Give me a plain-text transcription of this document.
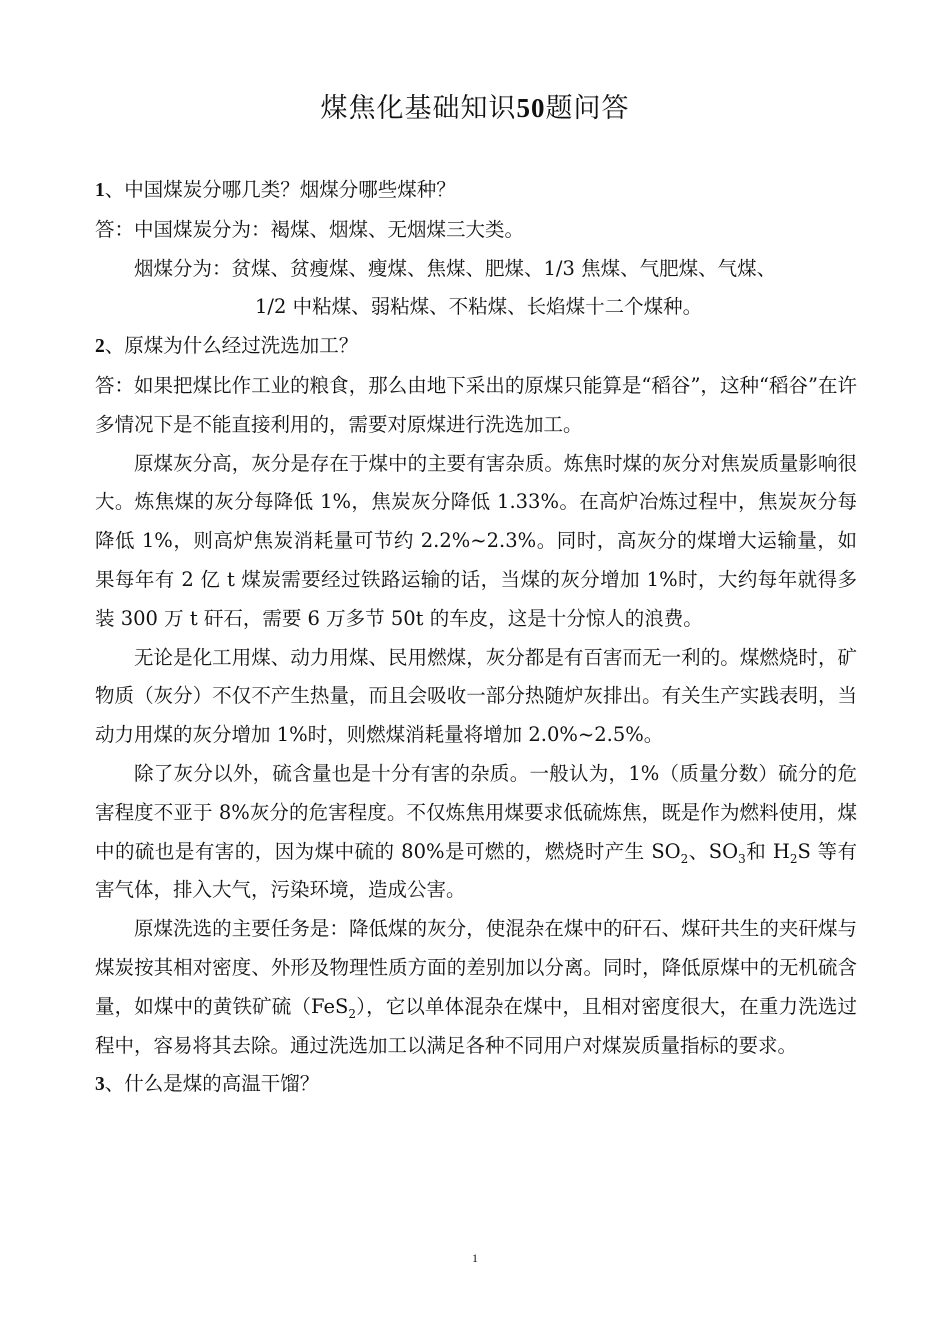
煤焦化基础知识50题问答

1、中国煤炭分哪几类？烟煤分哪些煤种？

答：中国煤炭分为：褐煤、烟煤、无烟煤三大类。

烟煤分为：贫煤、贫瘦煤、瘦煤、焦煤、肥煤、1/3 焦煤、气肥煤、气煤、

1/2 中粘煤、弱粘煤、不粘煤、长焰煤十二个煤种。

2、原煤为什么经过洗选加工？

答：如果把煤比作工业的粮食，那么由地下采出的原煤只能算是“稻谷”，这种“稻谷”在许多情况下是不能直接利用的，需要对原煤进行洗选加工。

原煤灰分高，灰分是存在于煤中的主要有害杂质。炼焦时煤的灰分对焦炭质量影响很大。炼焦煤的灰分每降低 1%，焦炭灰分降低 1.33%。在高炉冶炼过程中，焦炭灰分每降低 1%，则高炉焦炭消耗量可节约 2.2%~2.3%。同时，高灰分的煤增大运输量，如果每年有 2 亿 t 煤炭需要经过铁路运输的话，当煤的灰分增加 1%时，大约每年就得多装 300 万 t 矸石，需要 6 万多节 50t 的车皮，这是十分惊人的浪费。

无论是化工用煤、动力用煤、民用燃煤，灰分都是有百害而无一利的。煤燃烧时，矿物质（灰分）不仅不产生热量，而且会吸收一部分热随炉灰排出。有关生产实践表明，当动力用煤的灰分增加 1%时，则燃煤消耗量将增加 2.0%~2.5%。

除了灰分以外，硫含量也是十分有害的杂质。一般认为，1%（质量分数）硫分的危害程度不亚于 8%灰分的危害程度。不仅炼焦用煤要求低硫炼焦，既是作为燃料使用，煤中的硫也是有害的，因为煤中硫的 80%是可燃的，燃烧时产生 $SO_2$、$SO_3$和 $H_2S$ 等有害气体，排入大气，污染环境，造成公害。

原煤洗选的主要任务是：降低煤的灰分，使混杂在煤中的矸石、煤矸共生的夹矸煤与煤炭按其相对密度、外形及物理性质方面的差别加以分离。同时，降低原煤中的无机硫含量，如煤中的黄铁矿硫（FeS$_2$），它以单体混杂在煤中，且相对密度很大，在重力洗选过程中，容易将其去除。通过洗选加工以满足各种不同用户对煤炭质量指标的要求。

3、什么是煤的高温干馏？

1
